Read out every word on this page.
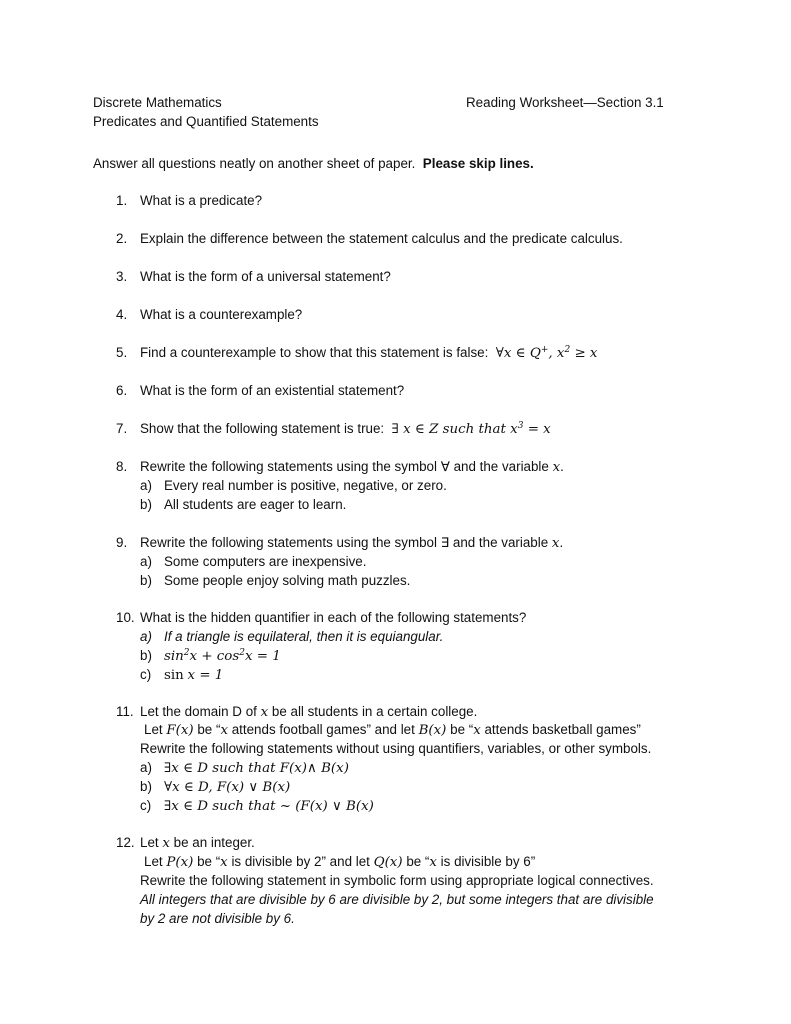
Discrete Mathematics	Reading Worksheet—Section 3.1
Predicates and Quantified Statements
Answer all questions neatly on another sheet of paper. Please skip lines.
1. What is a predicate?
2. Explain the difference between the statement calculus and the predicate calculus.
3. What is the form of a universal statement?
4. What is a counterexample?
5. Find a counterexample to show that this statement is false: ∀x ∈ Q+, $x^2 \ge x$
6. What is the form of an existential statement?
7. Show that the following statement is true: ∃ x ∈ Z such that $x^3 = x$
8. Rewrite the following statements using the symbol ∀ and the variable x.
a) Every real number is positive, negative, or zero.
b) All students are eager to learn.
9. Rewrite the following statements using the symbol ∃ and the variable x.
a) Some computers are inexpensive.
b) Some people enjoy solving math puzzles.
10. What is the hidden quantifier in each of the following statements?
a) If a triangle is equilateral, then it is equiangular.
b) $\sin^2x + \cos^2x = 1$
c) sin x = 1
11. Let the domain D of x be all students in a certain college.
Let F(x) be “x attends football games” and let B(x) be “x attends basketball games”
Rewrite the following statements without using quantifiers, variables, or other symbols.
a) ∃x ∈ D such that F(x)∧ B(x)
b) ∀x ∈ D, F(x) ∨ B(x)
c) ∃x ∈ D such that ~ (F(x) ∨ B(x)
12. Let x be an integer.
Let P(x) be “x is divisible by 2” and let Q(x) be “x is divisible by 6”
Rewrite the following statement in symbolic form using appropriate logical connectives.
All integers that are divisible by 6 are divisible by 2, but some integers that are divisible
by 2 are not divisible by 6.
